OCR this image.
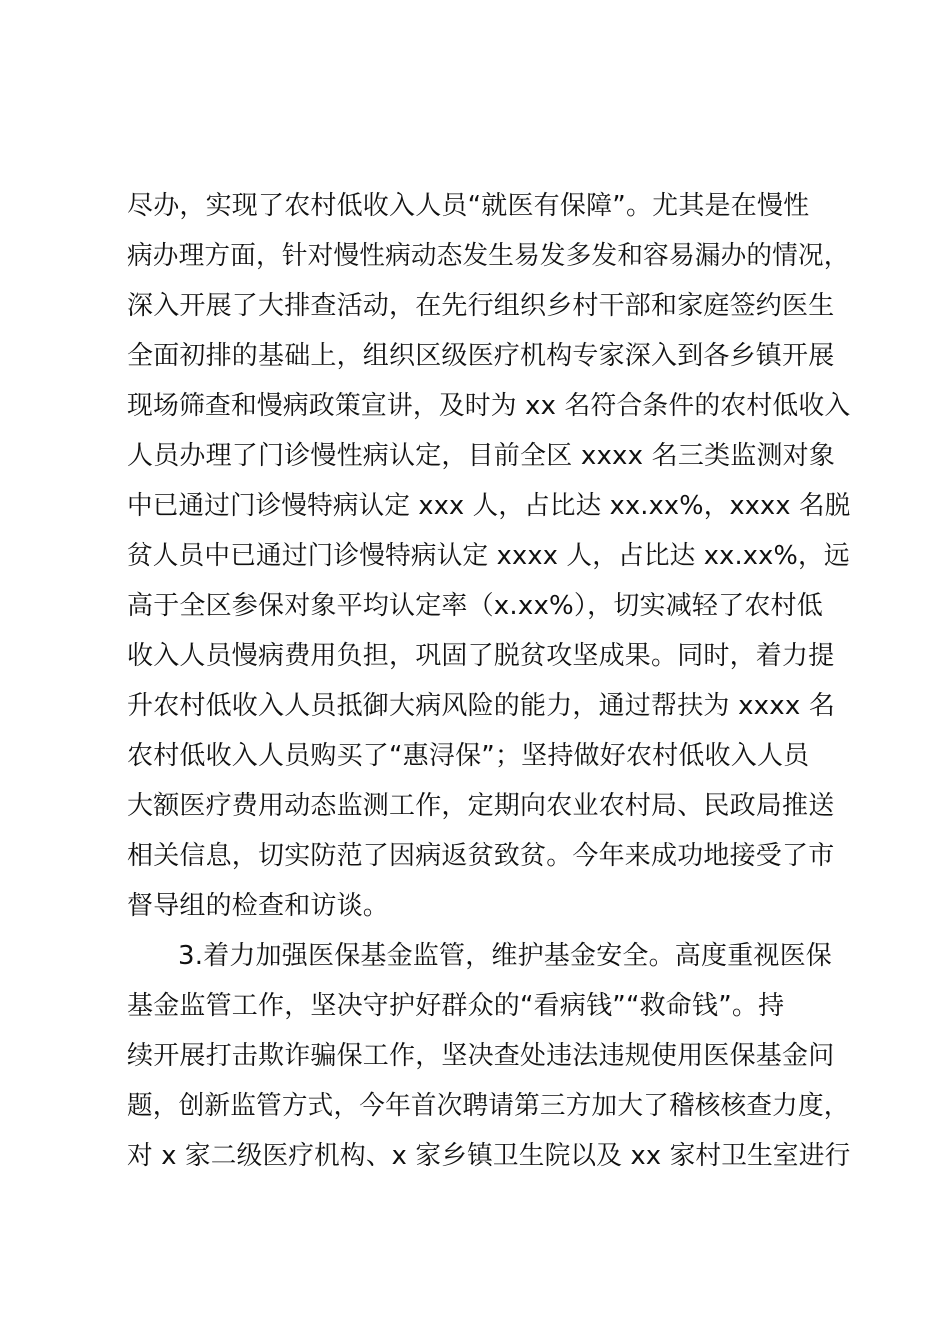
尽办，实现了农村低收入人员“就医有保障”。尤其是在慢性
病办理方面，针对慢性病动态发生易发多发和容易漏办的情况，
深入开展了大排查活动，在先行组织乡村干部和家庭签约医生
全面初排的基础上，组织区级医疗机构专家深入到各乡镇开展
现场筛查和慢病政策宣讲，及时为 xx 名符合条件的农村低收入
人员办理了门诊慢性病认定，目前全区 xxxx 名三类监测对象
中已通过门诊慢特病认定 xxx 人，占比达 xx.xx%，xxxx 名脱
贫人员中已通过门诊慢特病认定 xxxx 人，占比达 xx.xx%，远
高于全区参保对象平均认定率（x.xx%），切实减轻了农村低
收入人员慢病费用负担，巩固了脱贫攻坚成果。同时，着力提
升农村低收入人员抵御大病风险的能力，通过帮扶为 xxxx 名
农村低收入人员购买了“惠浔保”；坚持做好农村低收入人员
大额医疗费用动态监测工作，定期向农业农村局、民政局推送
相关信息，切实防范了因病返贫致贫。今年来成功地接受了市
督导组的检查和访谈。
3.着力加强医保基金监管，维护基金安全。高度重视医保
基金监管工作，坚决守护好群众的“看病钱”“救命钱”。持
续开展打击欺诈骗保工作，坚决查处违法违规使用医保基金问
题，创新监管方式，今年首次聘请第三方加大了稽核核查力度，
对 x 家二级医疗机构、x 家乡镇卫生院以及 xx 家村卫生室进行
